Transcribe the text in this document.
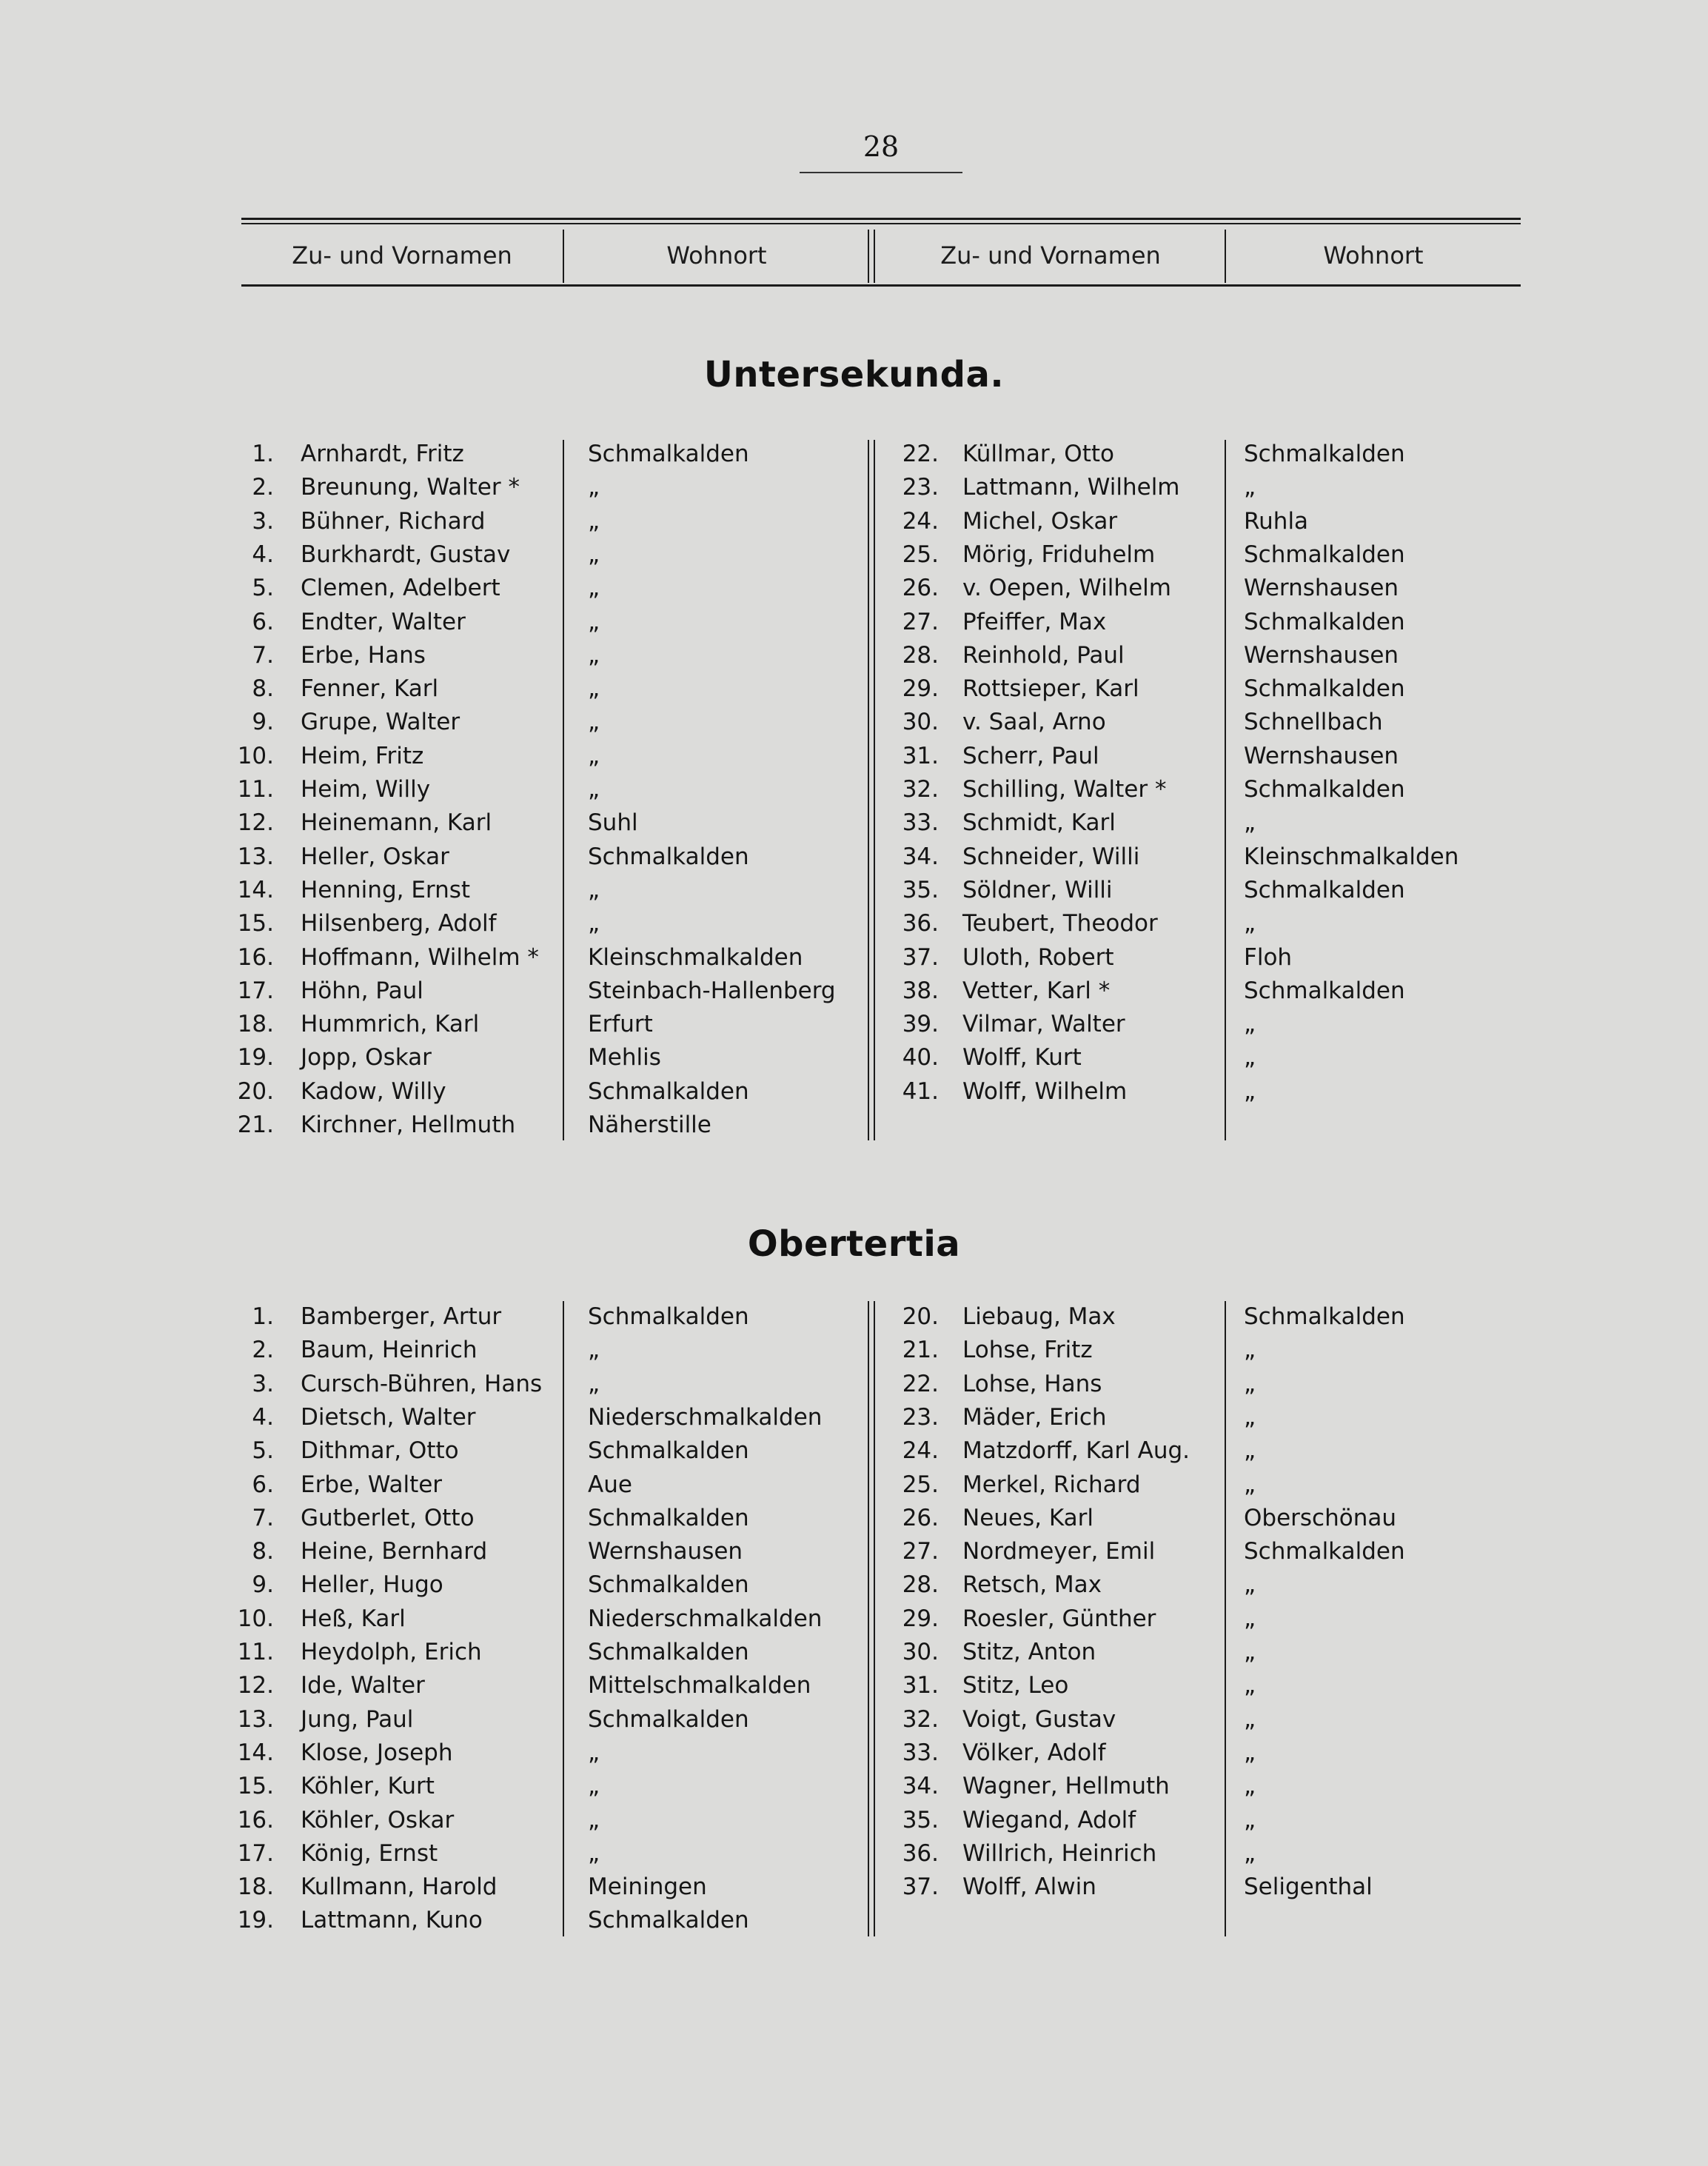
28
Zu- und Vornamen	Wohnort	Zu- und Vornamen	Wohnort
Untersekunda.
1. Arnhardt, Fritz	Schmalkalden
2. Breunung, Walter *	„
3. Bühner, Richard	„
4. Burkhardt, Gustav	„
5. Clemen, Adelbert	„
6. Endter, Walter	„
7. Erbe, Hans	„
8. Fenner, Karl	„
9. Grupe, Walter	„
10. Heim, Fritz	„
11. Heim, Willy	„
12. Heinemann, Karl	Suhl
13. Heller, Oskar	Schmalkalden
14. Henning, Ernst	„
15. Hilsenberg, Adolf	„
16. Hoffmann, Wilhelm * Kleinschmalkalden
17. Höhn, Paul	Steinbach-Hallenberg
18. Hummrich, Karl	Erfurt
19. Jopp, Oskar	Mehlis
20. Kadow, Willy	Schmalkalden
21. Kirchner, Hellmuth	Näherstille
22. Küllmar, Otto	Schmalkalden
23. Lattmann, Wilhelm	„
24. Michel, Oskar	Ruhla
25. Mörig, Friduhelm	Schmalkalden
26. v. Oepen, Wilhelm	Wernshausen
27. Pfeiffer, Max	Schmalkalden
28. Reinhold, Paul	Wernshausen
29. Rottsieper, Karl	Schmalkalden
30. v. Saal, Arno	Schnellbach
31. Scherr, Paul	Wernshausen
32. Schilling, Walter *	Schmalkalden
33. Schmidt, Karl	„
34. Schneider, Willi	Kleinschmalkalden
35. Söldner, Willi	Schmalkalden
36. Teubert, Theodor	„
37. Uloth, Robert	Floh
38. Vetter, Karl *	Schmalkalden
39. Vilmar, Walter	„
40. Wolff, Kurt	„
41. Wolff, Wilhelm	„
Obertertia
1. Bamberger, Artur	Schmalkalden
2. Baum, Heinrich	„
3. Cursch-Bühren, Hans „
4. Dietsch, Walter	Niederschmalkalden
5. Dithmar, Otto	Schmalkalden
6. Erbe, Walter	Aue
7. Gutberlet, Otto	Schmalkalden
8. Heine, Bernhard	Wernshausen
9. Heller, Hugo	Schmalkalden
10. Heß, Karl	Niederschmalkalden
11. Heydolph, Erich	Schmalkalden
12. Ide, Walter	Mittelschmalkalden
13. Jung, Paul	Schmalkalden
14. Klose, Joseph	„
15. Köhler, Kurt	„
16. Köhler, Oskar	„
17. König, Ernst	„
18. Kullmann, Harold	Meiningen
19. Lattmann, Kuno	Schmalkalden
20. Liebaug, Max	Schmalkalden
21. Lohse, Fritz	„
22. Lohse, Hans	„
23. Mäder, Erich	„
24. Matzdorff, Karl Aug. „
25. Merkel, Richard	„
26. Neues, Karl	Oberschönau
27. Nordmeyer, Emil	Schmalkalden
28. Retsch, Max	„
29. Roesler, Günther	„
30. Stitz, Anton	„
31. Stitz, Leo	„
32. Voigt, Gustav	„
33. Völker, Adolf	„
34. Wagner, Hellmuth	„
35. Wiegand, Adolf	„
36. Willrich, Heinrich	„
37. Wolff, Alwin	Seligenthal
